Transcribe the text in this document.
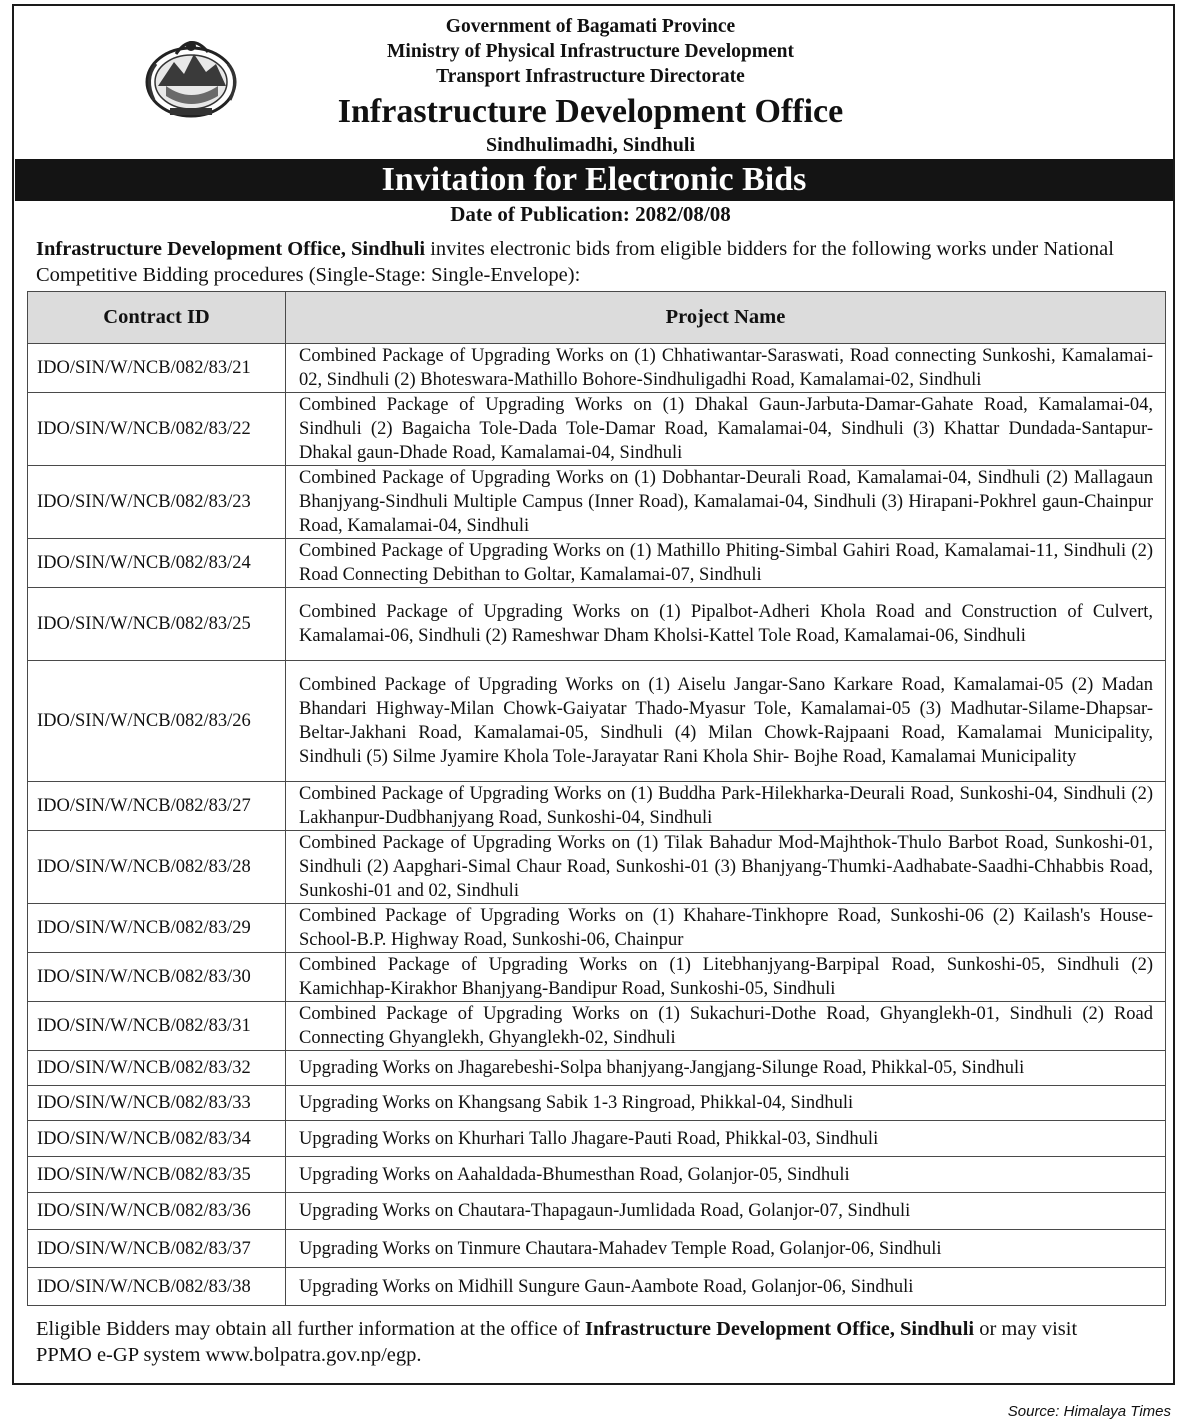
Government of Bagamati Province
Ministry of Physical Infrastructure Development
Transport Infrastructure Directorate
Infrastructure Development Office
Sindhulimadhi, Sindhuli
Invitation for Electronic Bids
Date of Publication: 2082/08/08
Infrastructure Development Office, Sindhuli invites electronic bids from eligible bidders for the following works under National Competitive Bidding procedures (Single-Stage: Single-Envelope):
Contract ID	Project Name
IDO/SIN/W/NCB/082/83/21	Combined Package of Upgrading Works on (1) Chhatiwantar-Saraswati, Road connecting Sunkoshi, Kamalamai-02, Sindhuli (2) Bhoteswara-Mathillo Bohore-Sindhuligadhi Road, Kamalamai-02, Sindhuli
IDO/SIN/W/NCB/082/83/22	Combined Package of Upgrading Works on (1) Dhakal Gaun-Jarbuta-Damar-Gahate Road, Kamalamai-04, Sindhuli (2) Bagaicha Tole-Dada Tole-Damar Road, Kamalamai-04, Sindhuli (3) Khattar Dundada-Santapur-Dhakal gaun-Dhade Road, Kamalamai-04, Sindhuli
IDO/SIN/W/NCB/082/83/23	Combined Package of Upgrading Works on (1) Dobhantar-Deurali Road, Kamalamai-04, Sindhuli (2) Mallagaun Bhanjyang-Sindhuli Multiple Campus (Inner Road), Kamalamai-04, Sindhuli (3) Hirapani-Pokhrel gaun-Chainpur Road, Kamalamai-04, Sindhuli
IDO/SIN/W/NCB/082/83/24	Combined Package of Upgrading Works on (1) Mathillo Phiting-Simbal Gahiri Road, Kamalamai-11, Sindhuli (2) Road Connecting Debithan to Goltar, Kamalamai-07, Sindhuli
IDO/SIN/W/NCB/082/83/25	Combined Package of Upgrading Works on (1) Pipalbot-Adheri Khola Road and Construction of Culvert, Kamalamai-06, Sindhuli (2) Rameshwar Dham Kholsi-Kattel Tole Road, Kamalamai-06, Sindhuli
IDO/SIN/W/NCB/082/83/26	Combined Package of Upgrading Works on (1) Aiselu Jangar-Sano Karkare Road, Kamalamai-05 (2) Madan Bhandari Highway-Milan Chowk-Gaiyatar Thado-Myasur Tole, Kamalamai-05 (3) Madhutar-Silame-Dhapsar-Beltar-Jakhani Road, Kamalamai-05, Sindhuli (4) Milan Chowk-Rajpaani Road, Kamalamai Municipality, Sindhuli (5) Silme Jyamire Khola Tole-Jarayatar Rani Khola Shir- Bojhe Road, Kamalamai Municipality
IDO/SIN/W/NCB/082/83/27	Combined Package of Upgrading Works on (1) Buddha Park-Hilekharka-Deurali Road, Sunkoshi-04, Sindhuli (2) Lakhanpur-Dudbhanjyang Road, Sunkoshi-04, Sindhuli
IDO/SIN/W/NCB/082/83/28	Combined Package of Upgrading Works on (1) Tilak Bahadur Mod-Majhthok-Thulo Barbot Road, Sunkoshi-01, Sindhuli (2) Aapghari-Simal Chaur Road, Sunkoshi-01 (3) Bhanjyang-Thumki-Aadhabate-Saadhi-Chhabbis Road, Sunkoshi-01 and 02, Sindhuli
IDO/SIN/W/NCB/082/83/29	Combined Package of Upgrading Works on (1) Khahare-Tinkhopre Road, Sunkoshi-06 (2) Kailash's House-School-B.P. Highway Road, Sunkoshi-06, Chainpur
IDO/SIN/W/NCB/082/83/30	Combined Package of Upgrading Works on (1) Litebhanjyang-Barpipal Road, Sunkoshi-05, Sindhuli (2) Kamichhap-Kirakhor Bhanjyang-Bandipur Road, Sunkoshi-05, Sindhuli
IDO/SIN/W/NCB/082/83/31	Combined Package of Upgrading Works on (1) Sukachuri-Dothe Road, Ghyanglekh-01, Sindhuli (2) Road Connecting Ghyanglekh, Ghyanglekh-02, Sindhuli
IDO/SIN/W/NCB/082/83/32	Upgrading Works on Jhagarebeshi-Solpa bhanjyang-Jangjang-Silunge Road, Phikkal-05, Sindhuli
IDO/SIN/W/NCB/082/83/33	Upgrading Works on Khangsang Sabik 1-3 Ringroad, Phikkal-04, Sindhuli
IDO/SIN/W/NCB/082/83/34	Upgrading Works on Khurhari Tallo Jhagare-Pauti Road, Phikkal-03, Sindhuli
IDO/SIN/W/NCB/082/83/35	Upgrading Works on Aahaldada-Bhumesthan Road, Golanjor-05, Sindhuli
IDO/SIN/W/NCB/082/83/36	Upgrading Works on Chautara-Thapagaun-Jumlidada Road, Golanjor-07, Sindhuli
IDO/SIN/W/NCB/082/83/37	Upgrading Works on Tinmure Chautara-Mahadev Temple Road, Golanjor-06, Sindhuli
IDO/SIN/W/NCB/082/83/38	Upgrading Works on Midhill Sungure Gaun-Aambote Road, Golanjor-06, Sindhuli
Eligible Bidders may obtain all further information at the office of Infrastructure Development Office, Sindhuli or may visit PPMO e-GP system www.bolpatra.gov.np/egp.
Source: Himalaya Times
